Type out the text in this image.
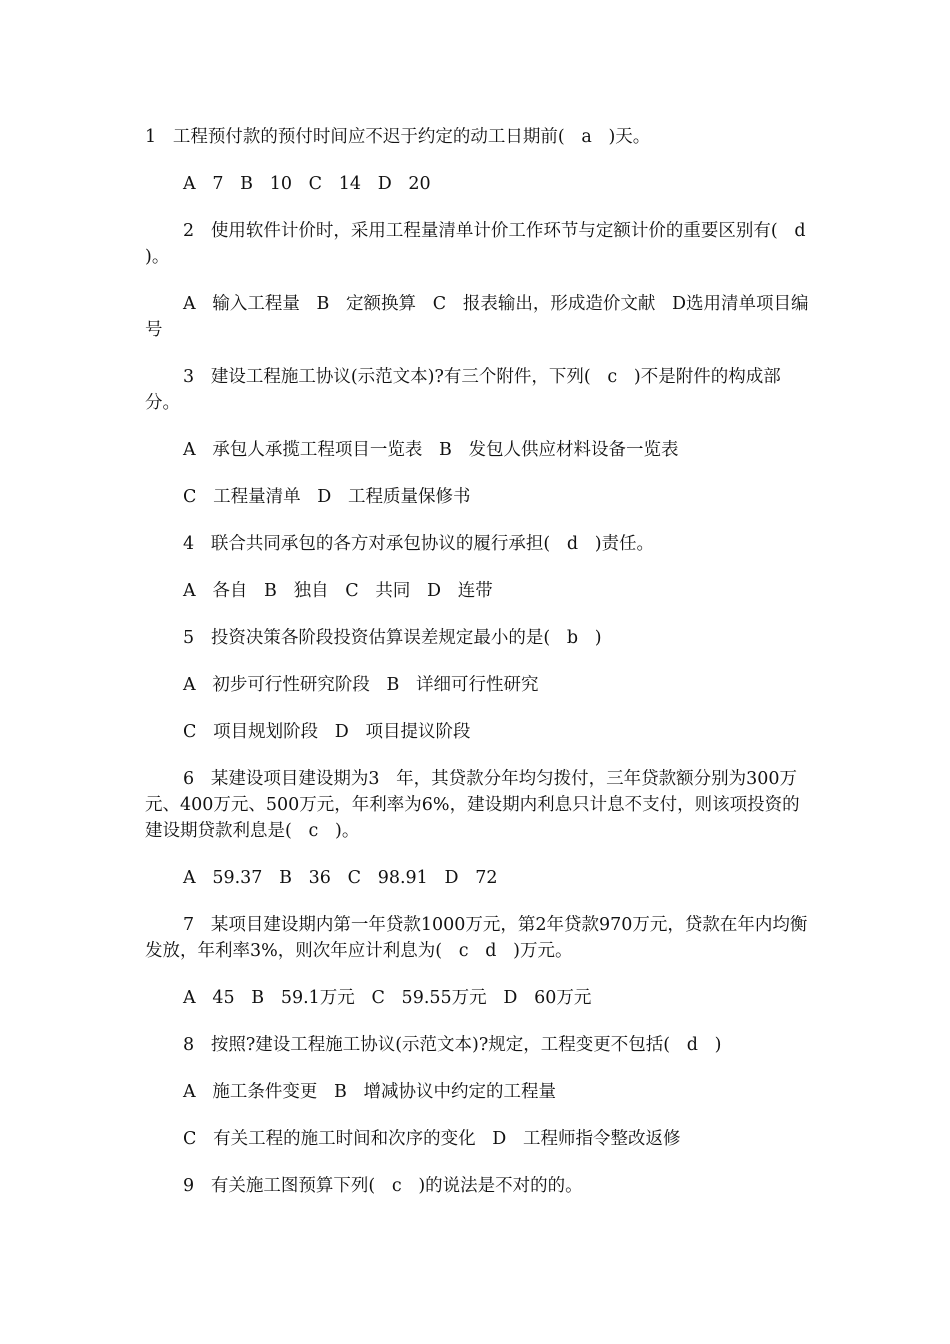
1   工程预付款的预付时间应不迟于约定的动工日期前(   a   )天。

A   7   B   10   C   14   D   20

2   使用软件计价时，采用工程量清单计价工作环节与定额计价的重要区别有(   d   )。

A   输入工程量   B   定额换算   C   报表输出，形成造价文献   D选用清单项目编号

3   建设工程施工协议(示范文本)?有三个附件，下列(   c   )不是附件的构成部分。

A   承包人承揽工程项目一览表   B   发包人供应材料设备一览表

C   工程量清单   D   工程质量保修书

4   联合共同承包的各方对承包协议的履行承担(   d   )责任。

A   各自   B   独自   C   共同   D   连带

5   投资决策各阶段投资估算误差规定最小的是(   b   )

A   初步可行性研究阶段   B   详细可行性研究

C   项目规划阶段   D   项目提议阶段

6   某建设项目建设期为3   年，其贷款分年均匀拨付，三年贷款额分别为300万元、400万元、500万元，年利率为6%，建设期内利息只计息不支付，则该项投资的建设期贷款利息是(   c   )。

A   59.37   B   36   C   98.91   D   72

7   某项目建设期内第一年贷款1000万元，第2年贷款970万元，贷款在年内均衡发放，年利率3%，则次年应计利息为(   c   d   )万元。

A   45   B   59.1万元   C   59.55万元   D   60万元

8   按照?建设工程施工协议(示范文本)?规定，工程变更不包括(   d   )

A   施工条件变更   B   增减协议中约定的工程量

C   有关工程的施工时间和次序的变化   D   工程师指令整改返修

9   有关施工图预算下列(   c   )的说法是不对的的。
